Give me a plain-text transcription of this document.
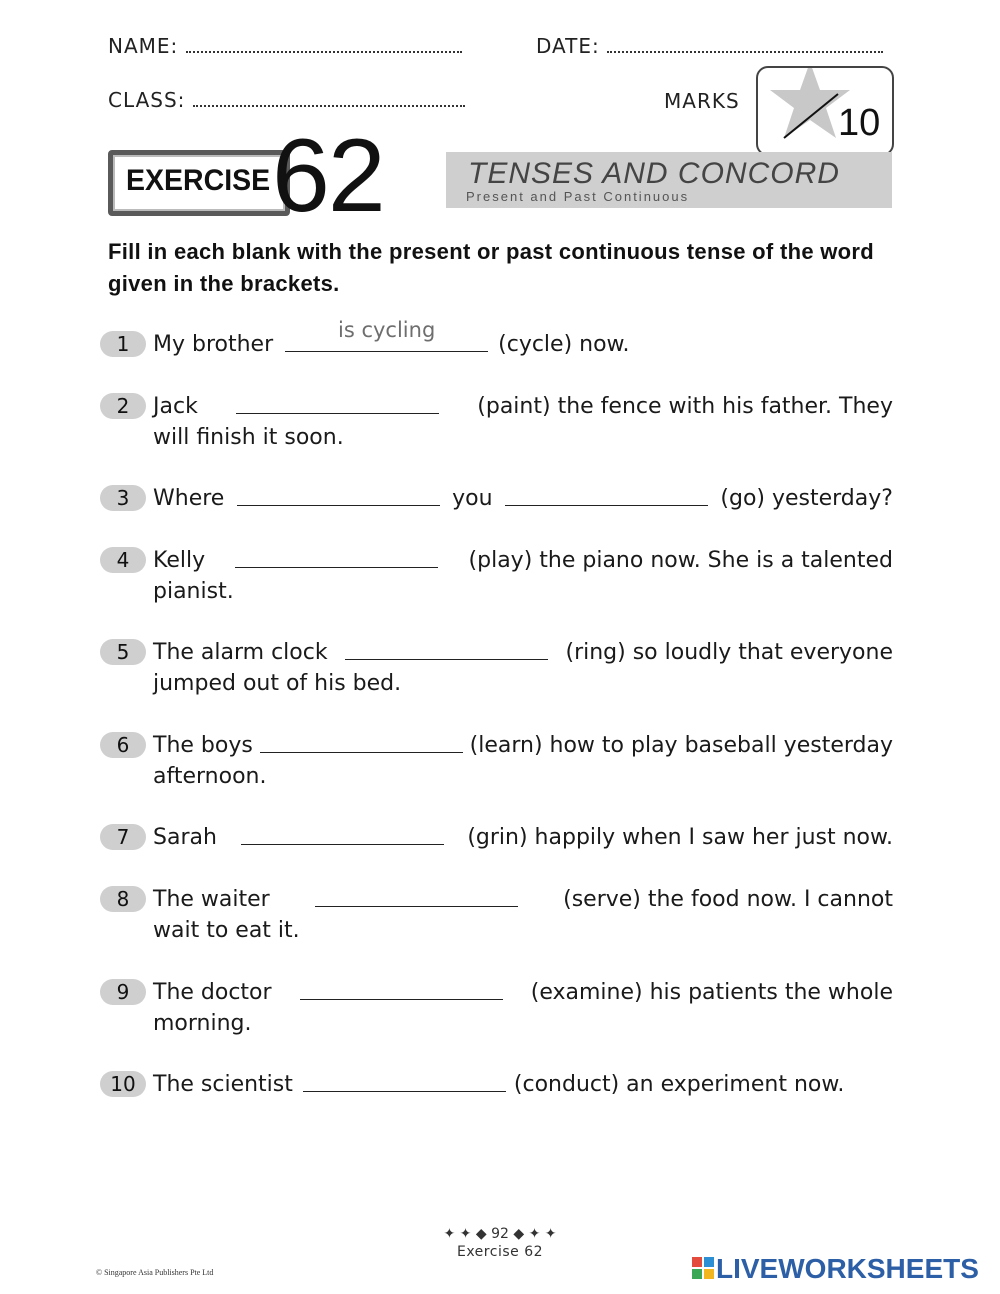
NAME:	DATE:
CLASS:	MARKS
10
EXERCISE 62	TENSES AND CONCORD
Present and Past Continuous
Fill in each blank with the present or past continuous tense of the word given in the brackets.
1	My brother
is cycling
(cycle) now.
2	Jack	(paint) the fence with his father. They
will finish it soon.
3	Where	you	(go) yesterday?
4	Kelly	(play) the piano now. She is a talented
pianist.
5	The alarm clock	(ring) so loudly that everyone
jumped out of his bed.
6	The boys	(learn) how to play baseball yesterday
afternoon.
7	Sarah	(grin) happily when I saw her just now.
8	The waiter	(serve) the food now. I cannot
wait to eat it.
9	The doctor	(examine) his patients the whole
morning.
10 The scientist	(conduct) an experiment now.
✦ ✦ ◆ 92 ◆ ✦ ✦
Exercise 62
© Singapore Asia Publishers Pte Ltd	LIVEWORKSHEETS
